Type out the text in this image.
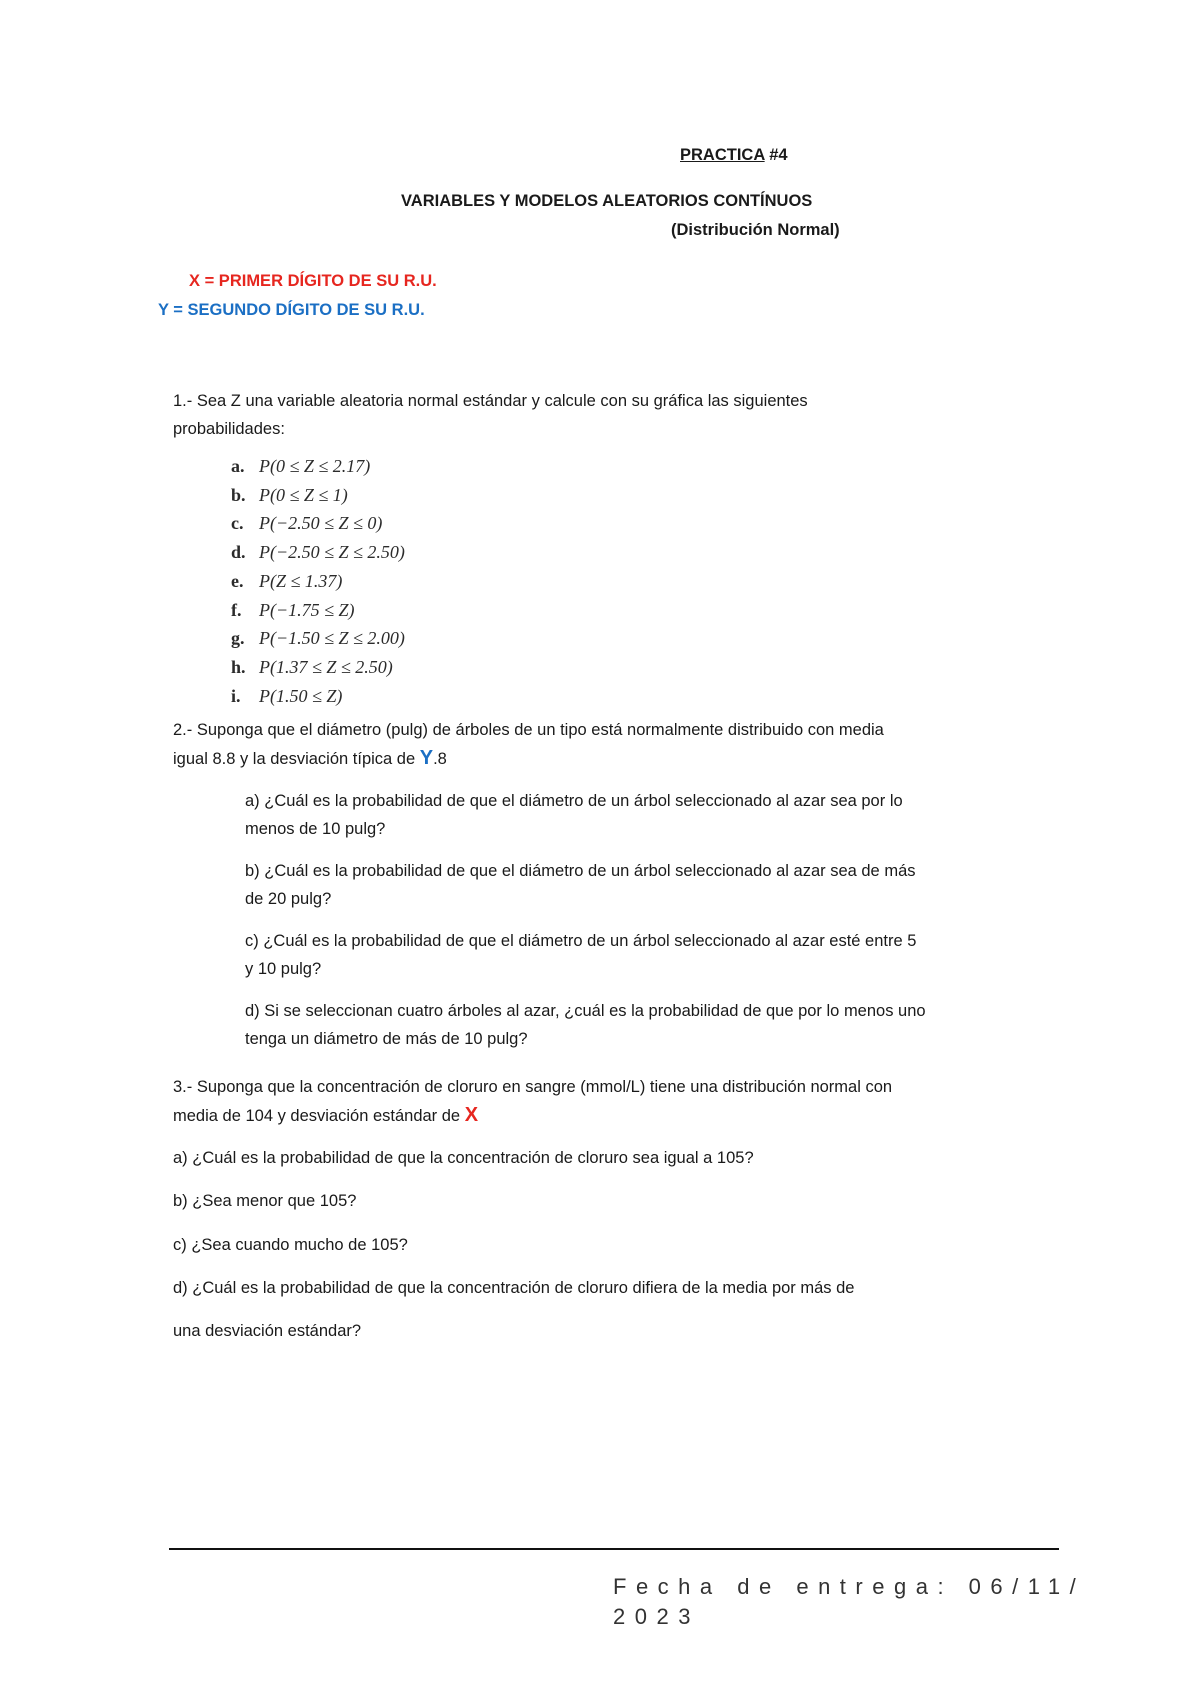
PRACTICA #4
VARIABLES Y MODELOS ALEATORIOS CONTÍNUOS
(Distribución Normal)
X = PRIMER DÍGITO DE SU R.U.
Y = SEGUNDO DÍGITO DE SU R.U.
1.- Sea Z una variable aleatoria normal estándar y calcule con su gráfica las siguientes
probabilidades:
a. P(0 ≤ Z ≤ 2.17)
b. P(0 ≤ Z ≤ 1)
c. P(−2.50 ≤ Z ≤ 0)
d. P(−2.50 ≤ Z ≤ 2.50)
e. P(Z ≤ 1.37)
f. P(−1.75 ≤ Z)
g. P(−1.50 ≤ Z ≤ 2.00)
h. P(1.37 ≤ Z ≤ 2.50)
i. P(1.50 ≤ Z)
2.- Suponga que el diámetro (pulg) de árboles de un tipo está normalmente distribuido con media
igual 8.8 y la desviación típica de Y.8
a) ¿Cuál es la probabilidad de que el diámetro de un árbol seleccionado al azar sea por lo
menos de 10 pulg?
b) ¿Cuál es la probabilidad de que el diámetro de un árbol seleccionado al azar sea de más
de 20 pulg?
c) ¿Cuál es la probabilidad de que el diámetro de un árbol seleccionado al azar esté entre 5
y 10 pulg?
d) Si se seleccionan cuatro árboles al azar, ¿cuál es la probabilidad de que por lo menos uno
tenga un diámetro de más de 10 pulg?
3.- Suponga que la concentración de cloruro en sangre (mmol/L) tiene una distribución normal con
media de 104 y desviación estándar de X
a) ¿Cuál es la probabilidad de que la concentración de cloruro sea igual a 105?
b) ¿Sea menor que 105?
c) ¿Sea cuando mucho de 105?
d) ¿Cuál es la probabilidad de que la concentración de cloruro difiera de la media por más de
una desviación estándar?
Fecha de entrega: 06/11/
2023
